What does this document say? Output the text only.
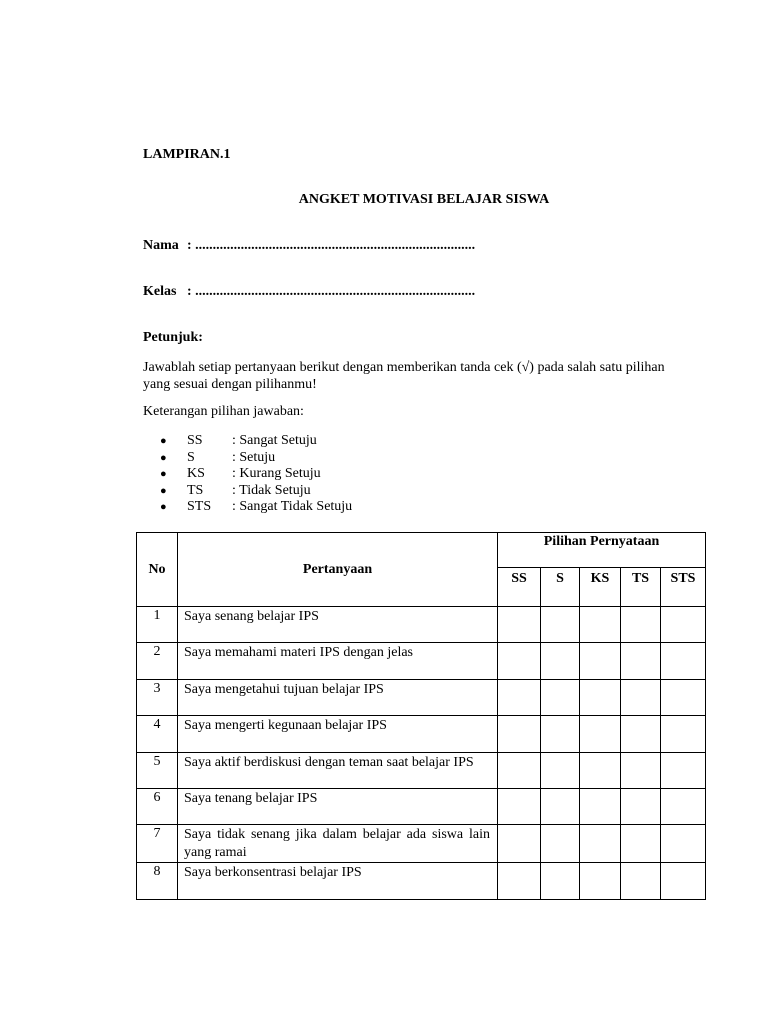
LAMPIRAN.1
ANGKET MOTIVASI BELAJAR SISWA
Nama : ................................................................................
Kelas : ................................................................................
Petunjuk:
Jawablah setiap pertanyaan berikut dengan memberikan tanda cek (√) pada salah satu pilihan yang sesuai dengan pilihanmu!
Keterangan pilihan jawaban:
● SS : Sangat Setuju
● S	: Setuju
● KS : Kurang Setuju
● TS : Tidak Setuju
● STS : Sangat Tidak Setuju
No	Pertanyaan	Pilihan Pernyataan				
		SS	S	KS	TS	STS
1	Saya senang belajar IPS					
2	Saya memahami materi IPS dengan jelas					
3	Saya mengetahui tujuan belajar IPS					
4	Saya mengerti kegunaan belajar IPS					
5	Saya aktif berdiskusi dengan teman saat belajar IPS					
6	Saya tenang belajar IPS					
7	Saya tidak senang jika dalam belajar ada siswa lain yang ramai					
8	Saya berkonsentrasi belajar IPS					
